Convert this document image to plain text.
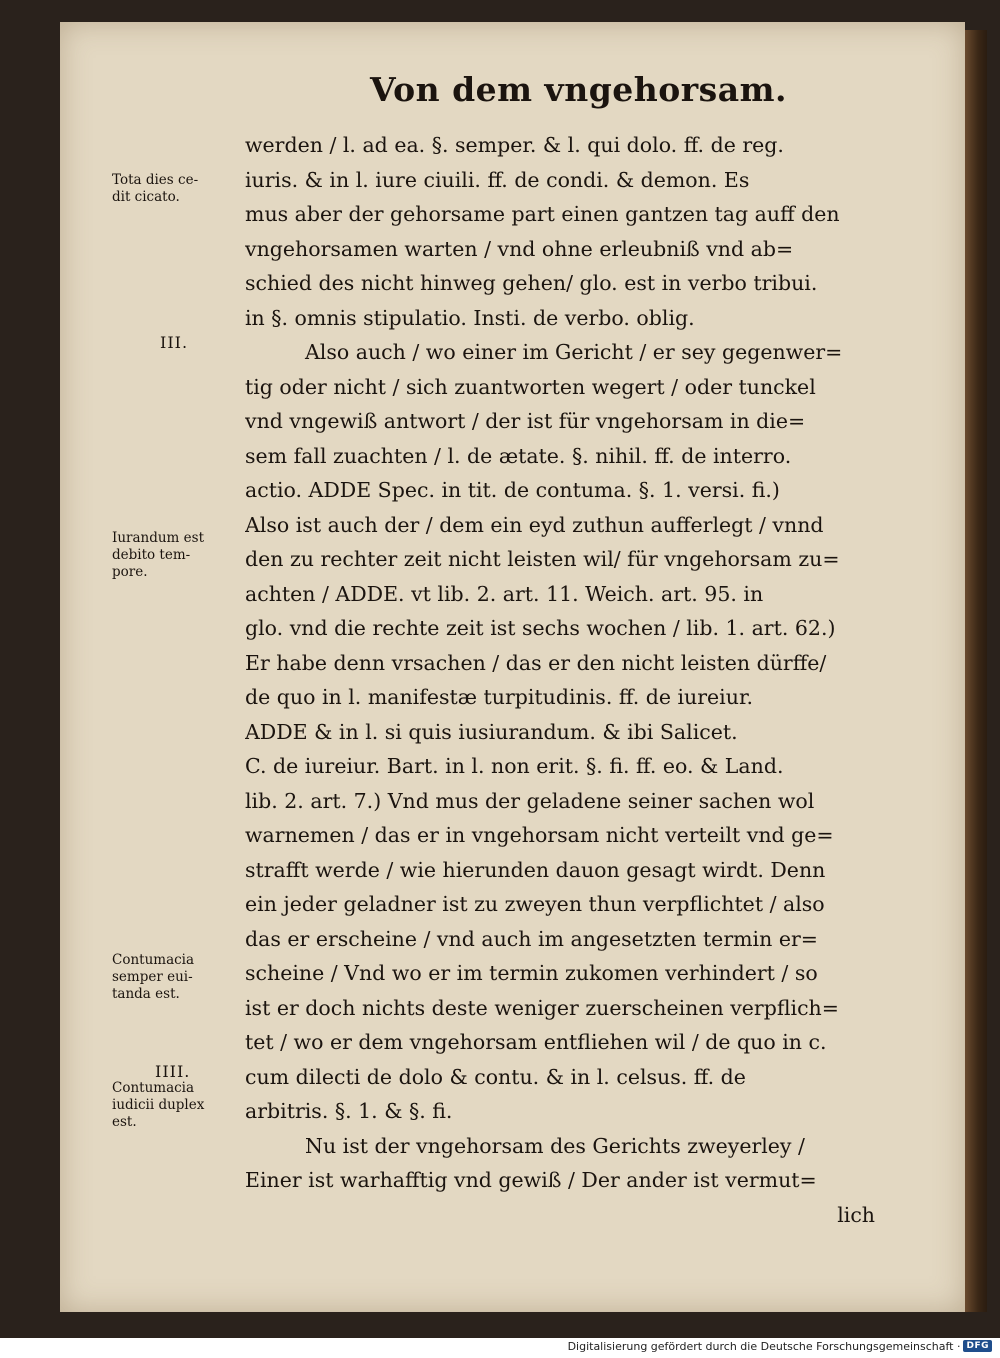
Von dem vngehorsam.
werden / l. ad ea. §. semper. & l. qui dolo. ff. de reg.
iuris. & in l. iure ciuili. ff. de condi. & demon. Es
mus aber der gehorsame part einen gantzen tag auff den
vngehorsamen warten / vnd ohne erleubniß vnd ab=
schied des nicht hinweg gehen/ glo. est in verbo tribui.
in §. omnis stipulatio. Insti. de verbo. oblig.
Also auch / wo einer im Gericht / er sey gegenwer=
tig oder nicht / sich zuantworten wegert / oder tunckel
vnd vngewiß antwort / der ist für vngehorsam in die=
sem fall zuachten / l. de ætate. §. nihil. ff. de interro.
actio. ADDE Spec. in tit. de contuma. §. 1. versi. fi.)
Also ist auch der / dem ein eyd zuthun aufferlegt / vnnd
den zu rechter zeit nicht leisten wil/ für vngehorsam zu=
achten / ADDE. vt lib. 2. art. 11. Weich. art. 95. in
glo. vnd die rechte zeit ist sechs wochen / lib. 1. art. 62.)
Er habe denn vrsachen / das er den nicht leisten dürffe/
de quo in l. manifestæ turpitudinis. ff. de iureiur.
ADDE & in l. si quis iusiurandum. & ibi Salicet.
C. de iureiur. Bart. in l. non erit. §. fi. ff. eo. & Land.
lib. 2. art. 7.) Vnd mus der geladene seiner sachen wol
warnemen / das er in vngehorsam nicht verteilt vnd ge=
strafft werde / wie hierunden dauon gesagt wirdt. Denn
ein jeder geladner ist zu zweyen thun verpflichtet / also
das er erscheine / vnd auch im angesetzten termin er=
scheine / Vnd wo er im termin zukomen verhindert / so
ist er doch nichts deste weniger zuerscheinen verpflich=
tet / wo er dem vngehorsam entfliehen wil / de quo in c.
cum dilecti de dolo & contu. & in l. celsus. ff. de
arbitris. §. 1. & §. fi.
Nu ist der vngehorsam des Gerichts zweyerley /
Einer ist warhafftig vnd gewiß / Der ander ist vermut=
lich
Tota dies ce-
dit cicato.
III.
Iurandum est
debito tem-
pore.
Contumacia
semper eui-
tanda est.
IIII.
Contumacia
iudicii duplex
est.
Digitalisierung gefördert durch die Deutsche Forschungsgemeinschaft · DFG
